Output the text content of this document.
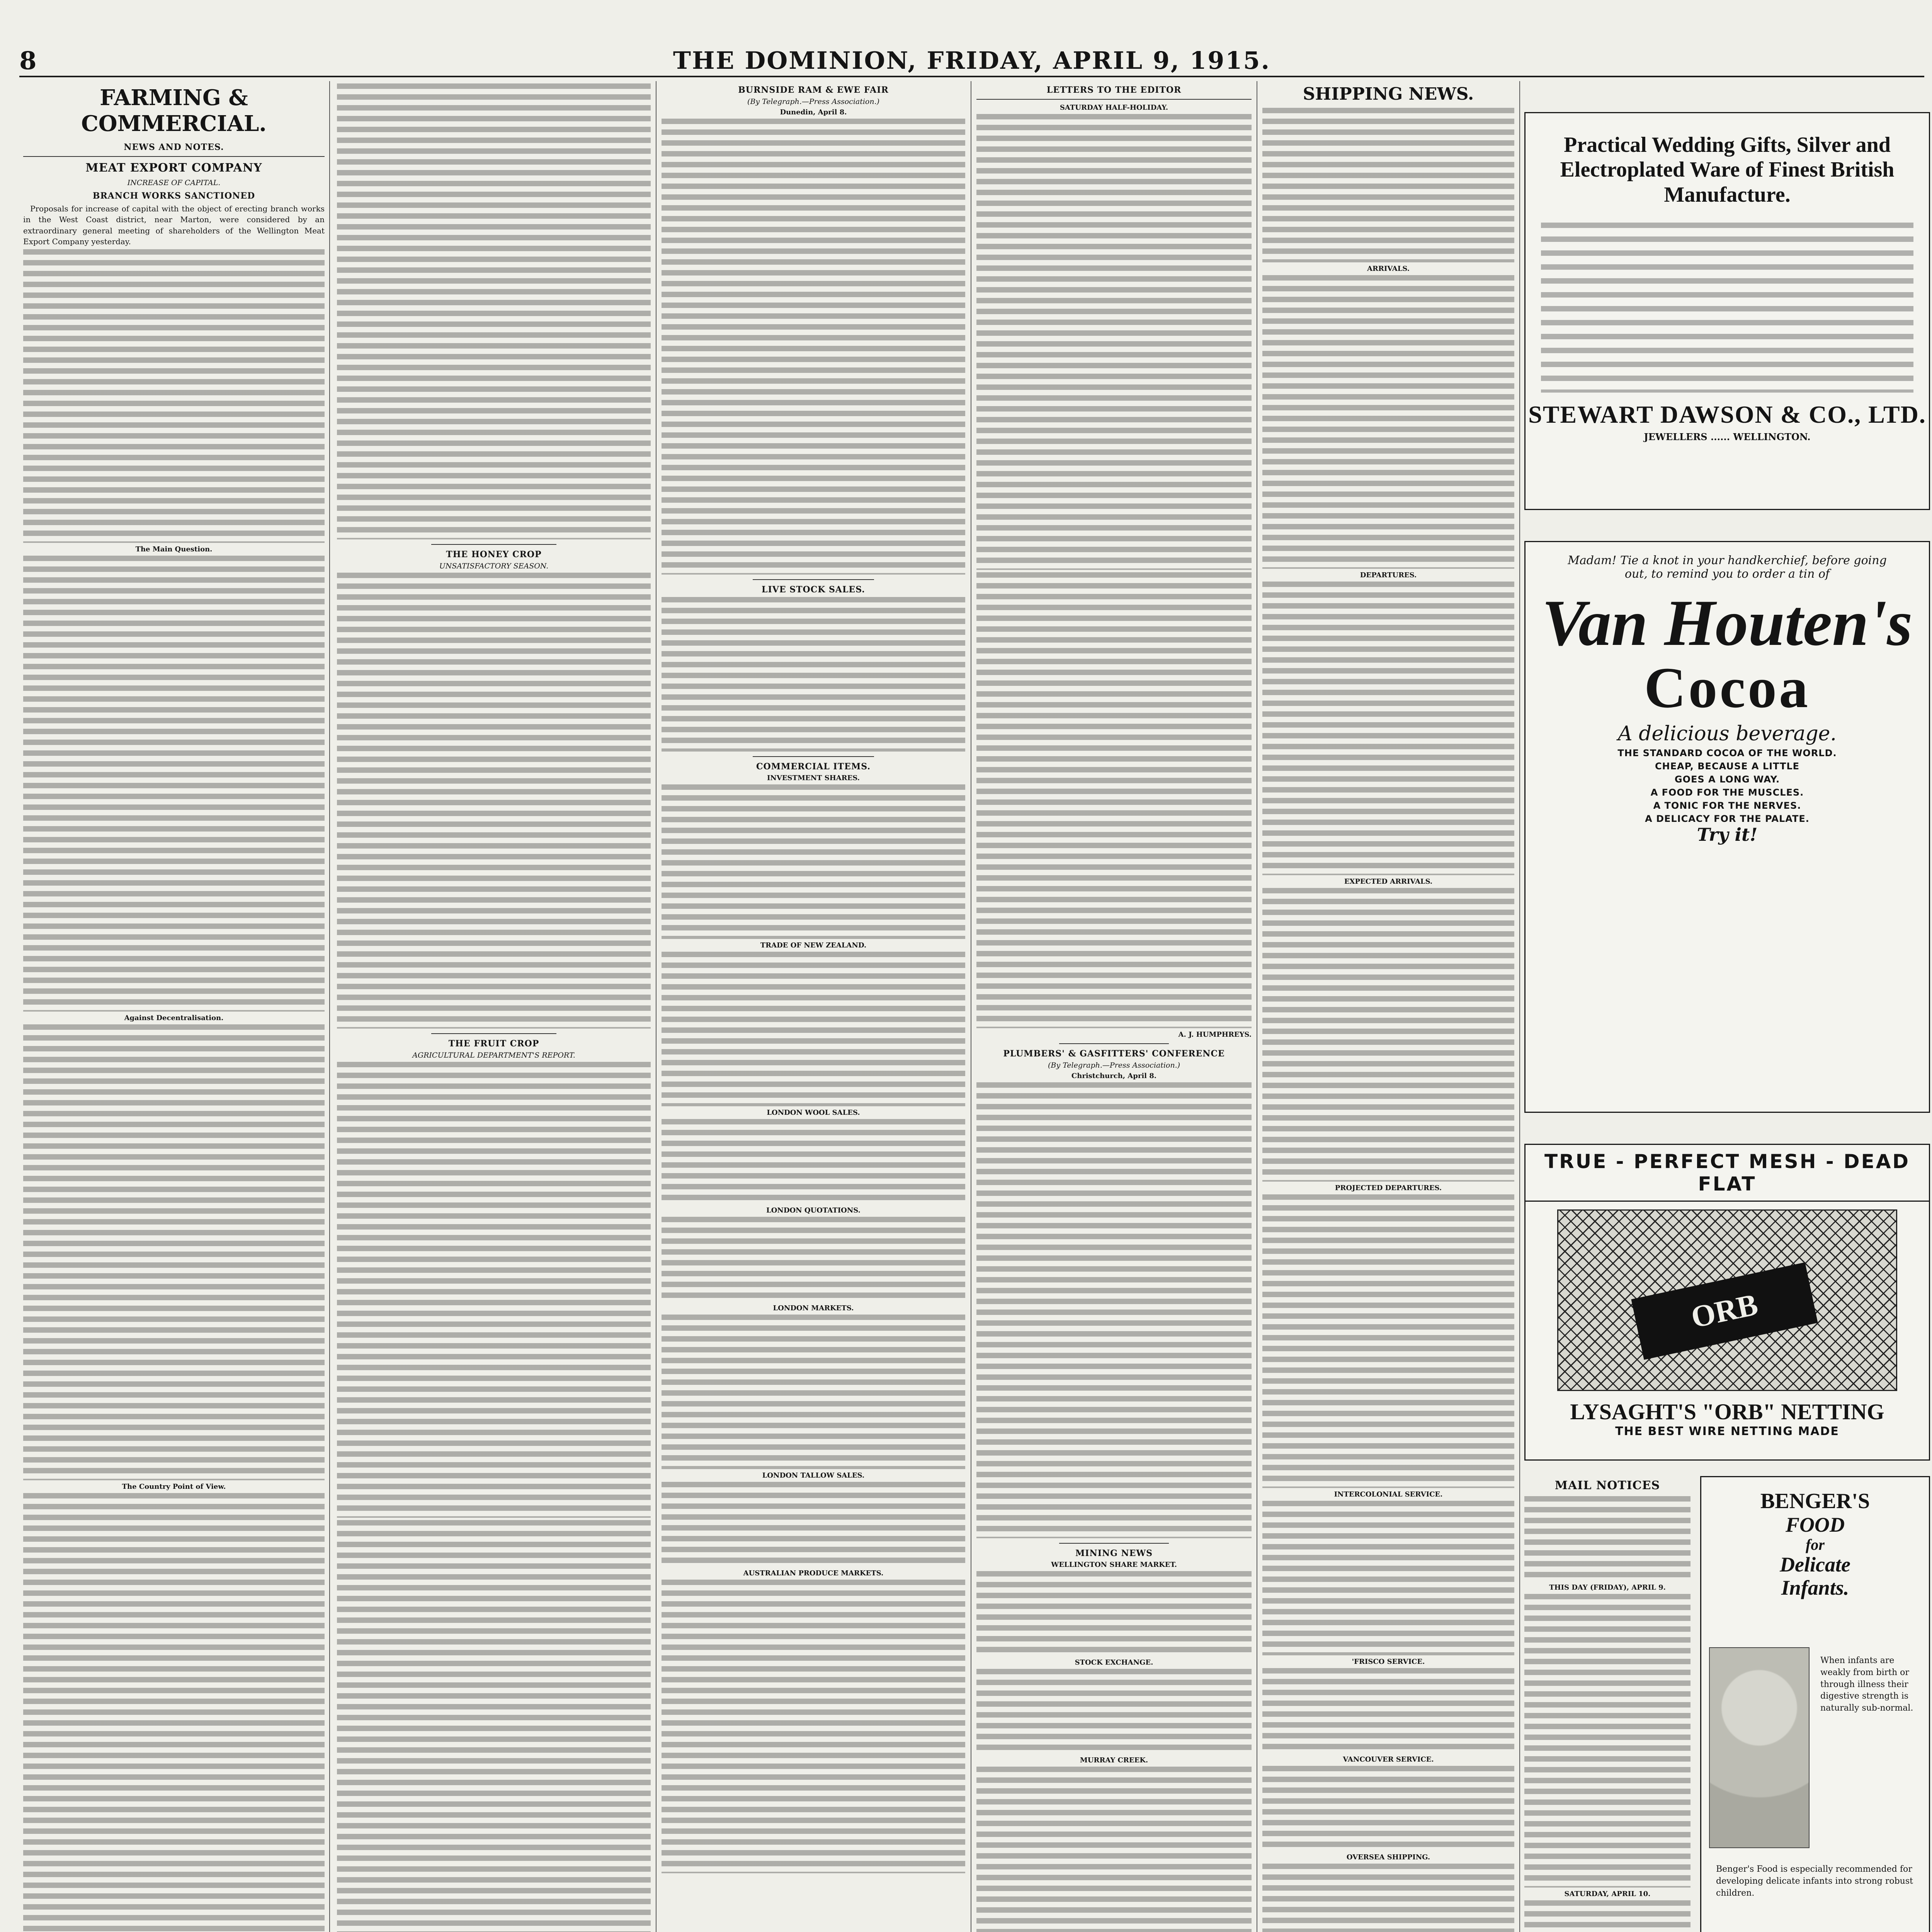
8	THE DOMINION, FRIDAY, APRIL 9, 1915.
FARMING & COMMERCIAL.
NEWS AND NOTES.
MEAT EXPORT COMPANY
INCREASE OF CAPITAL.
BRANCH WORKS SANCTIONED

Proposals for increase of capital with the object of erecting branch works in the West Coast district, near Marton, were considered by an extraordinary general meeting of shareholders of the Wellington Meat Export Company yesterday.

The Main Question.
Against Decentralisation.
The Country Point of View.
THE HONEY CROP
UNSATISFACTORY SEASON.
THE FRUIT CROP
AGRICULTURAL DEPARTMENT'S REPORT.
BURNSIDE RAM & EWE FAIR
(By Telegraph.—Press Association.)
Dunedin, April 8.
LIVE STOCK SALES.
COMMERCIAL ITEMS.
INVESTMENT SHARES.
TRADE OF NEW ZEALAND.
LONDON WOOL SALES.
LONDON QUOTATIONS.
LONDON MARKETS.
LONDON TALLOW SALES.
AUSTRALIAN PRODUCE MARKETS.
LETTERS TO THE EDITOR
SATURDAY HALF-HOLIDAY.
A. J. HUMPHREYS.
PLUMBERS' & GASFITTERS' CONFERENCE
(By Telegraph.—Press Association.)
Christchurch, April 8.
MINING NEWS
WELLINGTON SHARE MARKET.
STOCK EXCHANGE.
MURRAY CREEK.
SHIPPING NEWS.
ARRIVALS.
DEPARTURES.
EXPECTED ARRIVALS.
PROJECTED DEPARTURES.
INTERCOLONIAL SERVICE.
'FRISCO SERVICE.
VANCOUVER SERVICE.
OVERSEA SHIPPING.
Practical Wedding Gifts, Silver and Electroplated Ware of Finest British Manufacture.
STEWART DAWSON & CO., LTD.
JEWELLERS ...... WELLINGTON.
Madam! Tie a knot in your handkerchief, before going out, to remind you to order a tin of
Van Houten's
Cocoa
A delicious beverage.
THE STANDARD COCOA OF THE WORLD.
CHEAP, BECAUSE A LITTLE
GOES A LONG WAY.
A FOOD FOR THE MUSCLES.
A TONIC FOR THE NERVES.
A DELICACY FOR THE PALATE.
Try it!
TRUE - PERFECT MESH - DEAD FLAT
ORB
LYSAGHT'S "ORB" NETTING
THE BEST WIRE NETTING MADE
MAIL NOTICES
THIS DAY (FRIDAY), APRIL 9.
SATURDAY, APRIL 10.
BENGER'S
FOOD
for
Delicate
Infants.
When infants are weakly from birth or through illness their digestive strength is naturally sub-normal.
Benger's Food is especially recommended for developing delicate infants into strong robust children.
